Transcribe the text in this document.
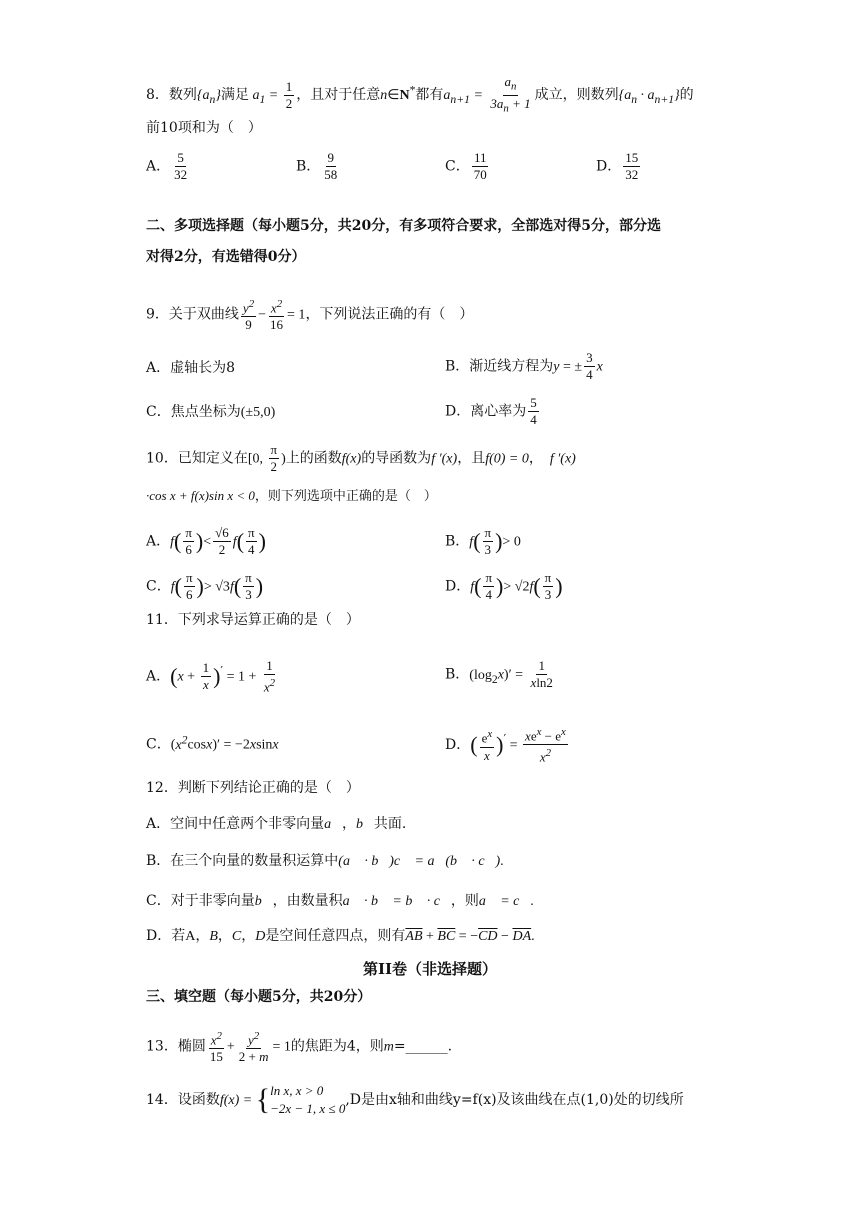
8．数列$\{a_n\}$满足 $a_1 = \frac{1}{2}$ ，且对于任意n∈N*都有$a_{n+1} = \frac{a_n}{3a_n + 1}$ 成立，则数列$\{a_n \cdot a_{n+1}\}$的
前10项和为（　）
A． $\frac{5}{32}$	B． $\frac{9}{58}$	C． $\frac{11}{70}$	D． $\frac{15}{32}$
二、多项选择题（每小题5分，共20分，有多项符合要求，全部选对得5分，部分选
对得2分，有选错得0分）
9．关于双曲线 $\frac{y^2}{9} - \frac{x^2}{16} = 1$，下列说法正确的有（　）
A．虚轴长为8	B．渐近线方程为y = ± $\frac{3}{4}$ x
C．焦点坐标为(±5,0)	D．离心率为 $\frac{5}{4}$
10．已知定义在[0, $\frac{\pi}{2}$ )上的函数f(x)的导函数为f ′(x)，且f(0) = 0，　f ′(x)
·cos x + f(x)sin x < 0，则下列选项中正确的是（　）
A．$f( \frac{\pi}{6}$ )< $\frac{√6}{2} f( \frac{\pi}{4}$ )	B．$f( \frac{\pi}{3}$ )> 0
C．$f( \frac{\pi}{6}$ )> $√3f( \frac{\pi}{3}$ )	D．$f( \frac{\pi}{4}$ )> $√2f( \frac{\pi}{3}$ )
11．下列求导运算正确的是（　）
A．$(x + \frac{1}{x} )' = 1 + \frac{1}{x^2}$	B．$(\log_2x)' = \frac{1}{xln2}$
C．$(x^2\cos x)' = -2xsinx$	D．( $\frac{e^x}{x} )' = \frac{xe^x - e^x}{x^2}$
12．判断下列结论正确的是（　）
A．空间中任意两个非零向量a⃗，b⃗共面.
B．在三个向量的数量积运算中(a⃗ · b⃗)c⃗ = a⃗(b⃗ · c⃗).
C．对于非零向量b⃗，由数量积a⃗ · b⃗ = b⃗ · c⃗，则a⃗ = c⃗.
D．若A，B，C，D是空间任意四点，则有$\overline{AB} + \overline{BC} = -\overline{CD} - \overline{DA}$.
第II卷（非选择题）
三、填空题（每小题5分，共20分）
13．椭圆 $\frac{x^2}{15} + \frac{y^2}{2 + m} = 1$的焦距为4，则m=______.
14．设函数f(x) = { ln x, x > 0
−2x − 1, x ≤ 0
,D是由x轴和曲线y=f(x)及该曲线在点(1,0)处的切线所
